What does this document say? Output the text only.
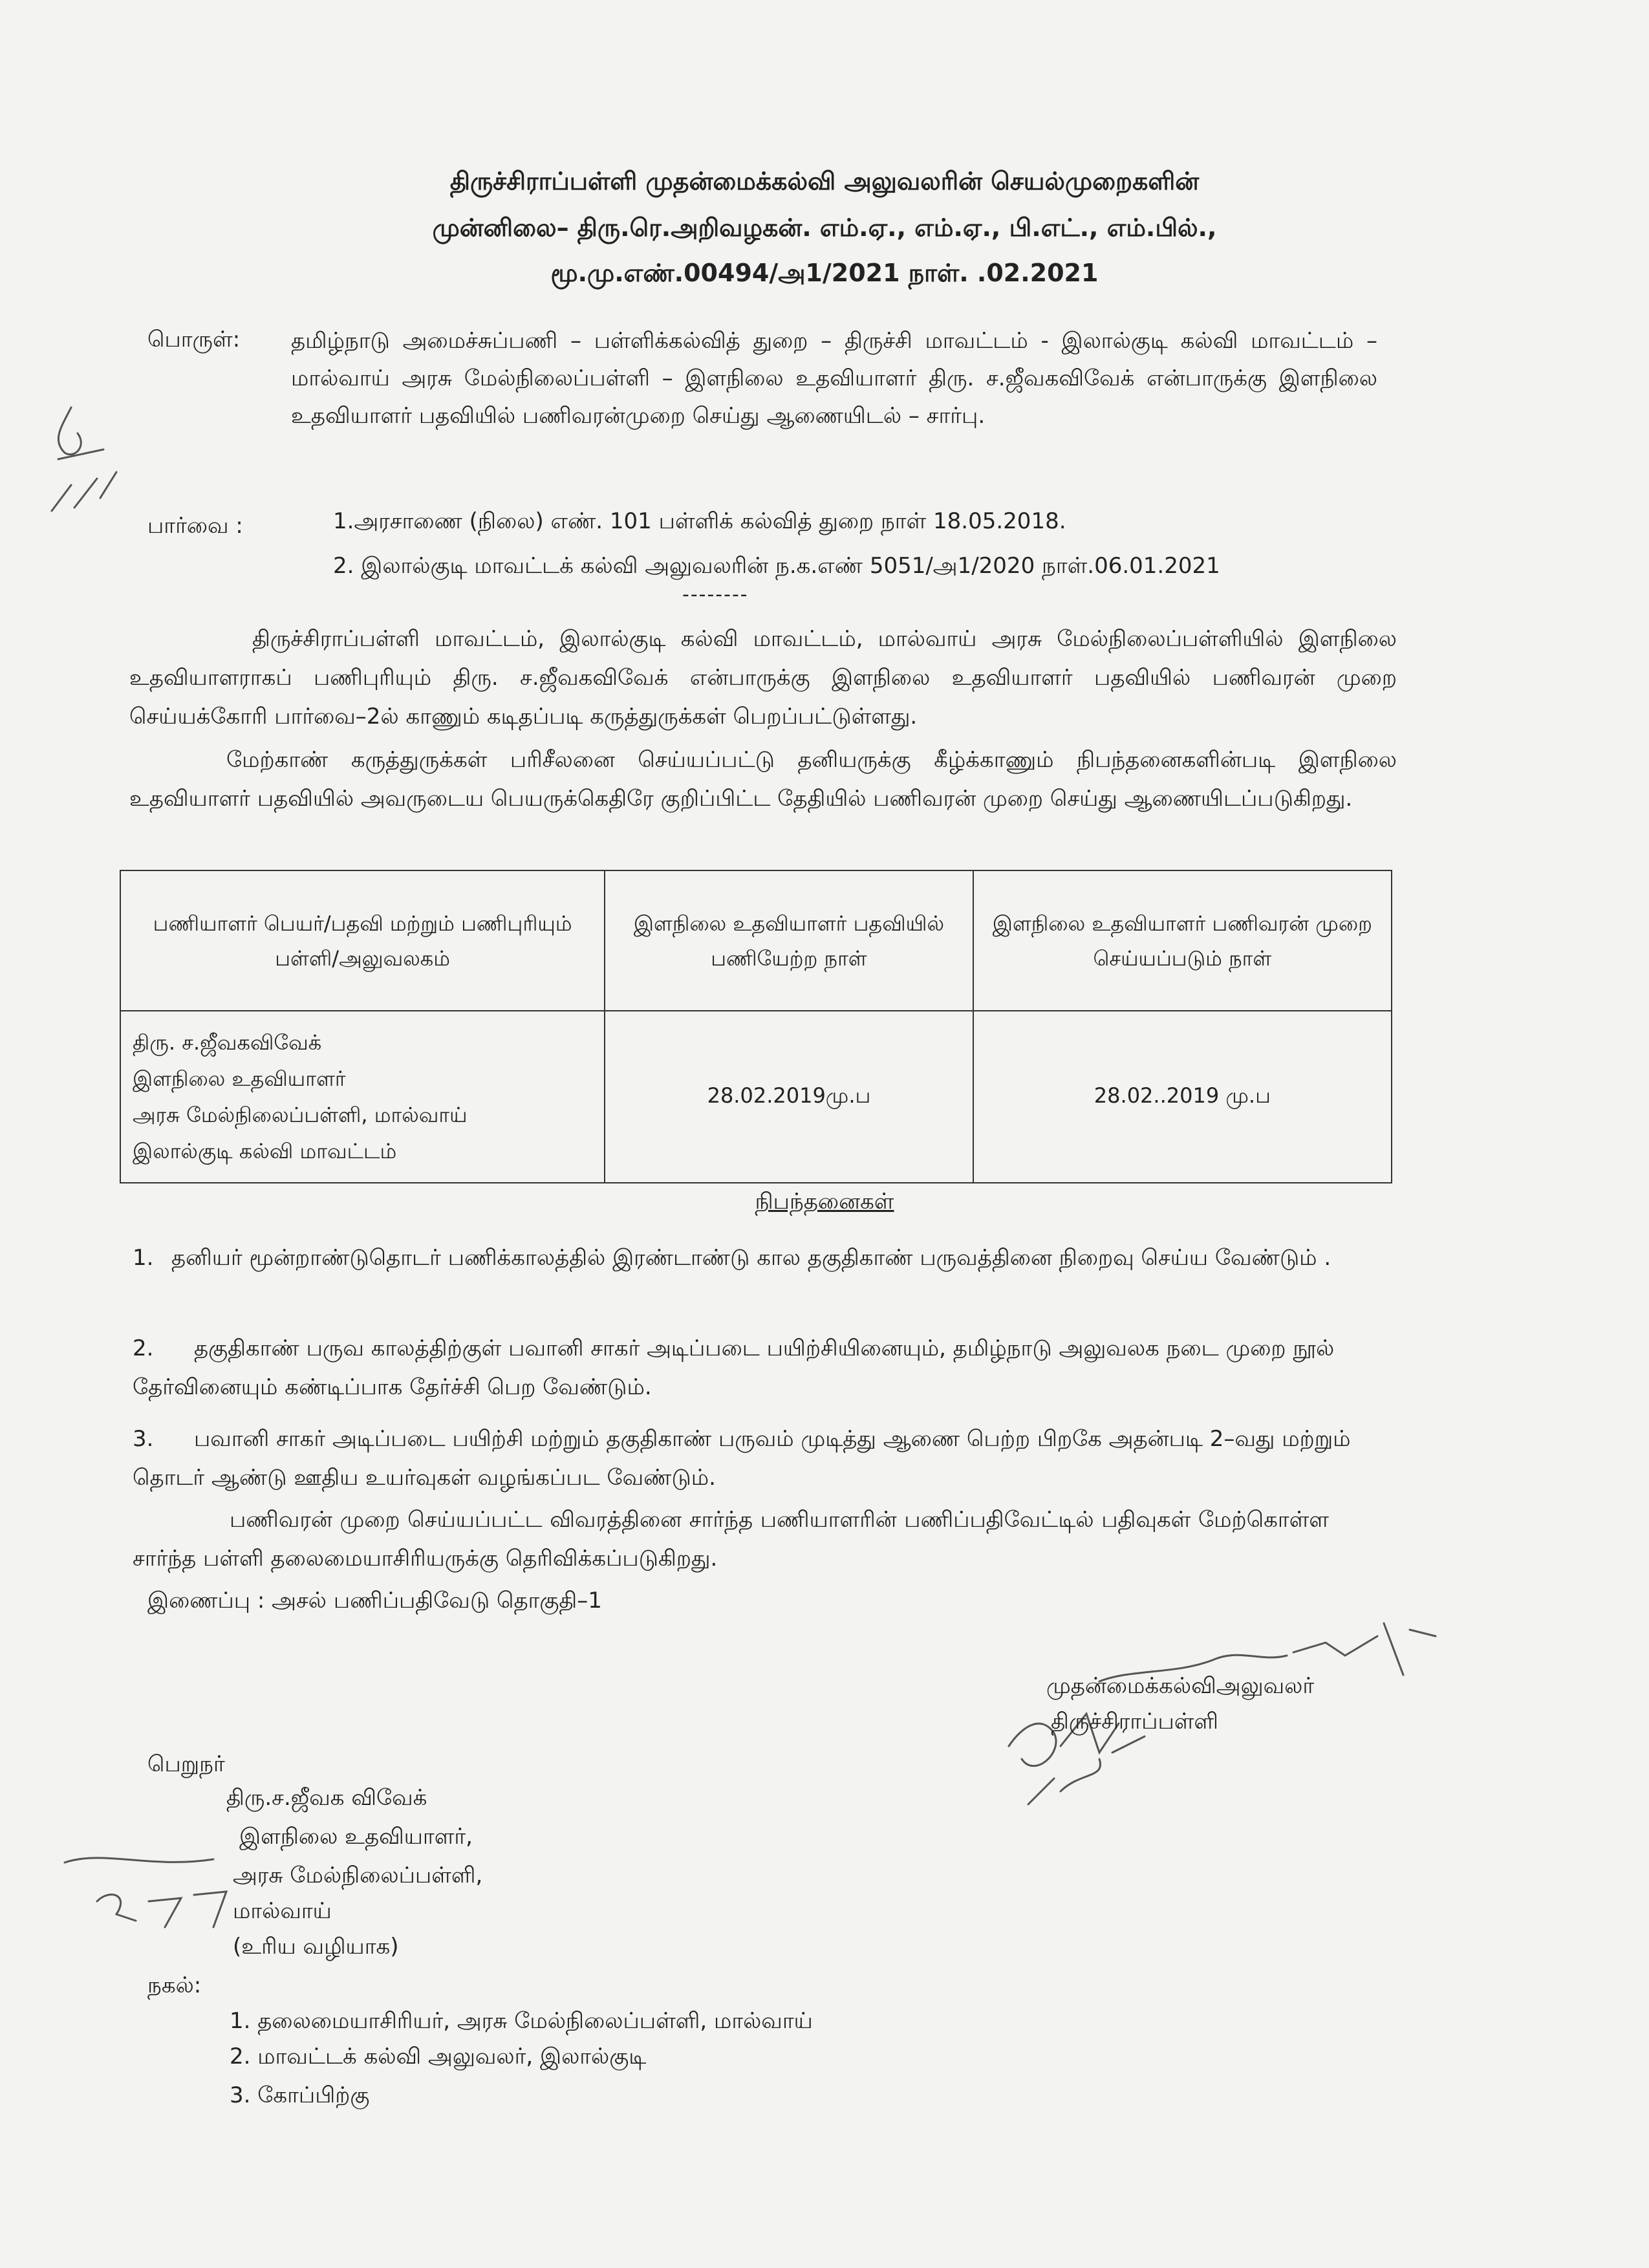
திருச்சிராப்பள்ளி முதன்மைக்கல்வி அலுவலரின் செயல்முறைகளின்
முன்னிலை– திரு.ரெ.அறிவழகன். எம்.ஏ., எம்.ஏ., பி.எட்., எம்.பில்.,
மூ.மு.எண்.00494/அ1/2021 நாள். .02.2021
பொருள்: தமிழ்நாடு அமைச்சுப்பணி – பள்ளிக்கல்வித் துறை – திருச்சி மாவட்டம் - இலால்குடி கல்வி மாவட்டம் – மால்வாய் அரசு மேல்நிலைப்பள்ளி – இளநிலை உதவியாளர் திரு. ச.ஜீவகவிவேக் என்பாருக்கு இளநிலை உதவியாளர் பதவியில் பணிவரன்முறை செய்து ஆணையிடல் – சார்பு.
பார்வை :	1.அரசாணை (நிலை) எண். 101 பள்ளிக் கல்வித் துறை நாள் 18.05.2018.
2. இலால்குடி மாவட்டக் கல்வி அலுவலரின் ந.க.எண் 5051/அ1/2020 நாள்.06.01.2021
--------
திருச்சிராப்பள்ளி மாவட்டம், இலால்குடி கல்வி மாவட்டம், மால்வாய் அரசு மேல்நிலைப்பள்ளியில் இளநிலை உதவியாளராகப் பணிபுரியும் திரு. ச.ஜீவகவிவேக் என்பாருக்கு இளநிலை உதவியாளர் பதவியில் பணிவரன் முறை செய்யக்கோரி பார்வை–2ல் காணும் கடிதப்படி கருத்துருக்கள் பெறப்பட்டுள்ளது.
மேற்காண் கருத்துருக்கள் பரிசீலனை செய்யப்பட்டு தனியருக்கு கீழ்க்காணும் நிபந்தனைகளின்படி இளநிலை உதவியாளர் பதவியில் அவருடைய பெயருக்கெதிரே குறிப்பிட்ட தேதியில் பணிவரன் முறை செய்து ஆணையிடப்படுகிறது.
பணியாளர் பெயர்/பதவி மற்றும் பணிபுரியும் பள்ளி/அலுவலகம்	இளநிலை உதவியாளர் பதவியில் பணியேற்ற நாள்	இளநிலை உதவியாளர் பணிவரன் முறை செய்யப்படும் நாள்

திரு. ச.ஜீவகவிவேக்
இளநிலை உதவியாளர்
அரசு மேல்நிலைப்பள்ளி, மால்வாய்
இலால்குடி கல்வி மாவட்டம்	28.02.2019மு.ப	28.02..2019 மு.ப
நிபந்தனைகள்
1. தனியர் மூன்றாண்டுதொடர் பணிக்காலத்தில் இரண்டாண்டு கால தகுதிகாண் பருவத்தினை நிறைவு செய்ய வேண்டும் .
2. தகுதிகாண் பருவ காலத்திற்குள் பவானி சாகர் அடிப்படை பயிற்சியினையும், தமிழ்நாடு அலுவலக நடை முறை நூல் தேர்வினையும் கண்டிப்பாக தேர்ச்சி பெற வேண்டும்.
3. பவானி சாகர் அடிப்படை பயிற்சி மற்றும் தகுதிகாண் பருவம் முடித்து ஆணை பெற்ற பிறகே அதன்படி 2–வது மற்றும் தொடர் ஆண்டு ஊதிய உயர்வுகள் வழங்கப்பட வேண்டும்.
பணிவரன் முறை செய்யப்பட்ட விவரத்தினை சார்ந்த பணியாளரின் பணிப்பதிவேட்டில் பதிவுகள் மேற்கொள்ள சார்ந்த பள்ளி தலைமையாசிரியருக்கு தெரிவிக்கப்படுகிறது.
இணைப்பு : அசல் பணிப்பதிவேடு தொகுதி–1
முதன்மைக்கல்விஅலுவலர்
திருச்சிராப்பள்ளி
பெறுநர்
திரு.ச.ஜீவக விவேக்
இளநிலை உதவியாளர்,
அரசு மேல்நிலைப்பள்ளி,
மால்வாய்
(உரிய வழியாக)
நகல்:
1. தலைமையாசிரியர், அரசு மேல்நிலைப்பள்ளி, மால்வாய்
2. மாவட்டக் கல்வி அலுவலர், இலால்குடி
3. கோப்பிற்கு
